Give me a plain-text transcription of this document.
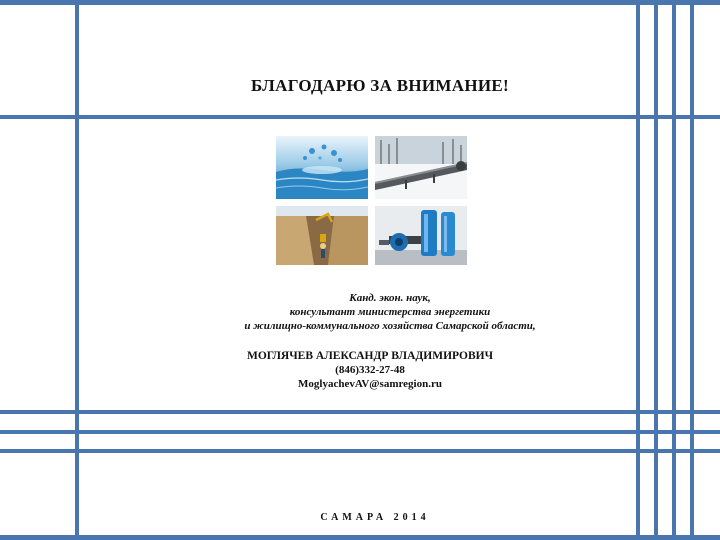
БЛАГОДАРЮ ЗА ВНИМАНИЕ!
Канд. экон. наук,
консультант министерства энергетики
и жилищно-коммунального хозяйства Самарской области,
МОГЛЯЧЕВ АЛЕКСАНДР ВЛАДИМИРОВИЧ
(846)332-27-48
MoglyachevAV@samregion.ru
САМАРА 2014
